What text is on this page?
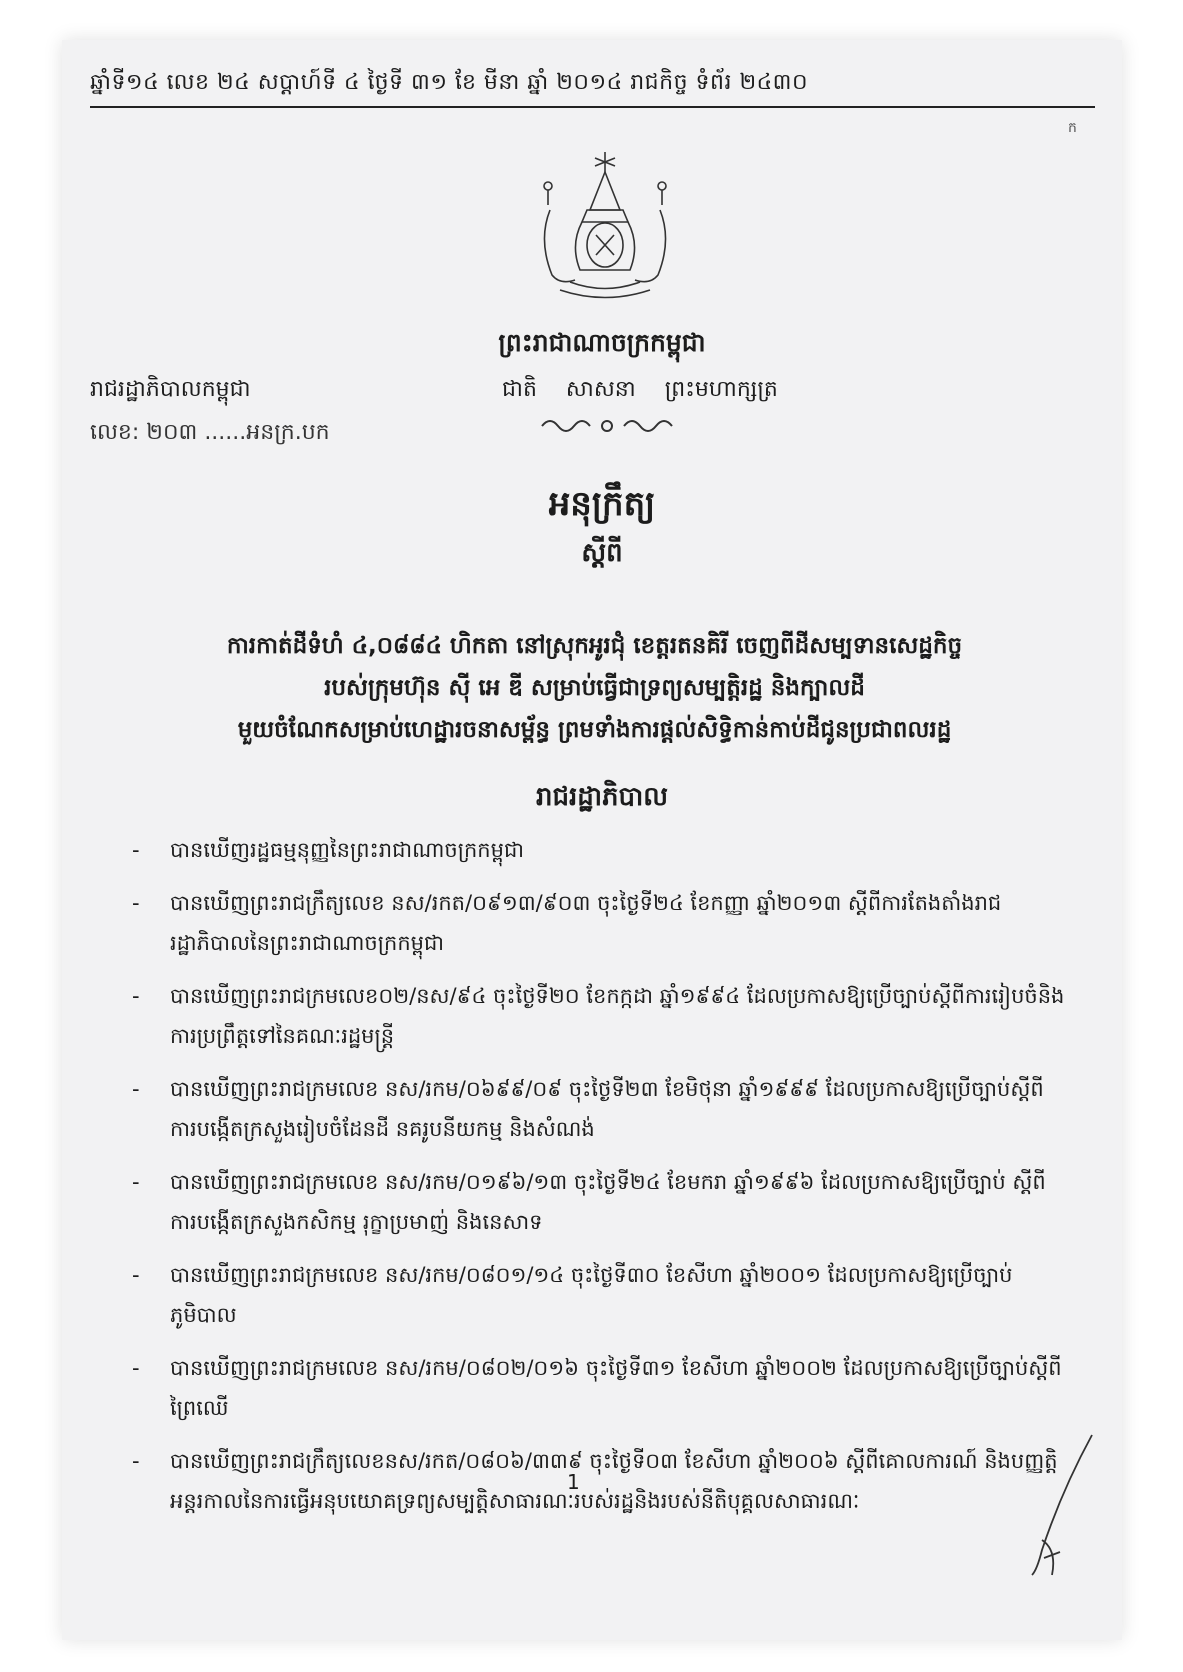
ឆ្នាំទី១៤ លេខ ២៤ សប្ដាហ៍ទី ៤ ថ្ងៃទី ៣១ ខែ មីនា ឆ្នាំ ២០១៤ រាជកិច្ច ទំព័រ ២៤៣០
ក
ព្រះរាជាណាចក្រកម្ពុជា
ជាតិ សាសនា ព្រះមហាក្សត្រ
រាជរដ្ឋាភិបាលកម្ពុជា
លេខ: ២០៣ ......អនក្រ.បក
អនុក្រឹត្យ
ស្ដីពី
ការកាត់ដីទំហំ ៤,០៨៨៤ ហិកតា នៅស្រុកអូរជុំ ខេត្តរតនគិរី ចេញពីដីសម្បទានសេដ្ឋកិច្ច
របស់ក្រុមហ៊ុន ស៊ី អេ ឌី សម្រាប់ធ្វើជាទ្រព្យសម្បត្តិរដ្ឋ និងក្បាលដី
មួយចំណែកសម្រាប់ហេដ្ឋារចនាសម្ព័ន្ធ ព្រមទាំងការផ្ដល់សិទ្ធិកាន់កាប់ដីជូនប្រជាពលរដ្ឋ
រាជរដ្ឋាភិបាល
- បានឃើញរដ្ឋធម្មនុញ្ញនៃព្រះរាជាណាចក្រកម្ពុជា
- បានឃើញព្រះរាជក្រឹត្យលេខ នស/រកត/០៩១៣/៩០៣ ចុះថ្ងៃទី២៤ ខែកញ្ញា ឆ្នាំ២០១៣ ស្ដីពីការតែងតាំងរាជរដ្ឋាភិបាលនៃព្រះរាជាណាចក្រកម្ពុជា
- បានឃើញព្រះរាជក្រមលេខ០២/នស/៩៤ ចុះថ្ងៃទី២០ ខែកក្កដា ឆ្នាំ១៩៩៤ ដែលប្រកាសឱ្យប្រើច្បាប់ស្ដីពីការរៀបចំនិងការប្រព្រឹត្តទៅនៃគណៈរដ្ឋមន្ត្រី
- បានឃើញព្រះរាជក្រមលេខ នស/រកម/០៦៩៩/០៩ ចុះថ្ងៃទី២៣ ខែមិថុនា ឆ្នាំ១៩៩៩ ដែលប្រកាសឱ្យប្រើច្បាប់ស្ដីពីការបង្កើតក្រសួងរៀបចំដែនដី នគរូបនីយកម្ម និងសំណង់
- បានឃើញព្រះរាជក្រមលេខ នស/រកម/០១៩៦/១៣ ចុះថ្ងៃទី២៤ ខែមករា ឆ្នាំ១៩៩៦ ដែលប្រកាសឱ្យប្រើច្បាប់ ស្ដីពីការបង្កើតក្រសួងកសិកម្ម រុក្ខាប្រមាញ់ និងនេសាទ
- បានឃើញព្រះរាជក្រមលេខ នស/រកម/០៨០១/១៤ ចុះថ្ងៃទី៣០ ខែសីហា ឆ្នាំ២០០១ ដែលប្រកាសឱ្យប្រើច្បាប់ភូមិបាល
- បានឃើញព្រះរាជក្រមលេខ នស/រកម/០៨០២/០១៦ ចុះថ្ងៃទី៣១ ខែសីហា ឆ្នាំ២០០២ ដែលប្រកាសឱ្យប្រើច្បាប់ស្ដីពីព្រៃឈើ
- បានឃើញព្រះរាជក្រឹត្យលេខនស/រកត/០៨០៦/៣៣៩ ចុះថ្ងៃទី០៣ ខែសីហា ឆ្នាំ២០០៦ ស្ដីពីគោលការណ៍ និងបញ្ញត្តិអន្តរកាលនៃការធ្វើអនុបយោគទ្រព្យសម្បត្តិសាធារណៈរបស់រដ្ឋនិងរបស់នីតិបុគ្គលសាធារណៈ
1
